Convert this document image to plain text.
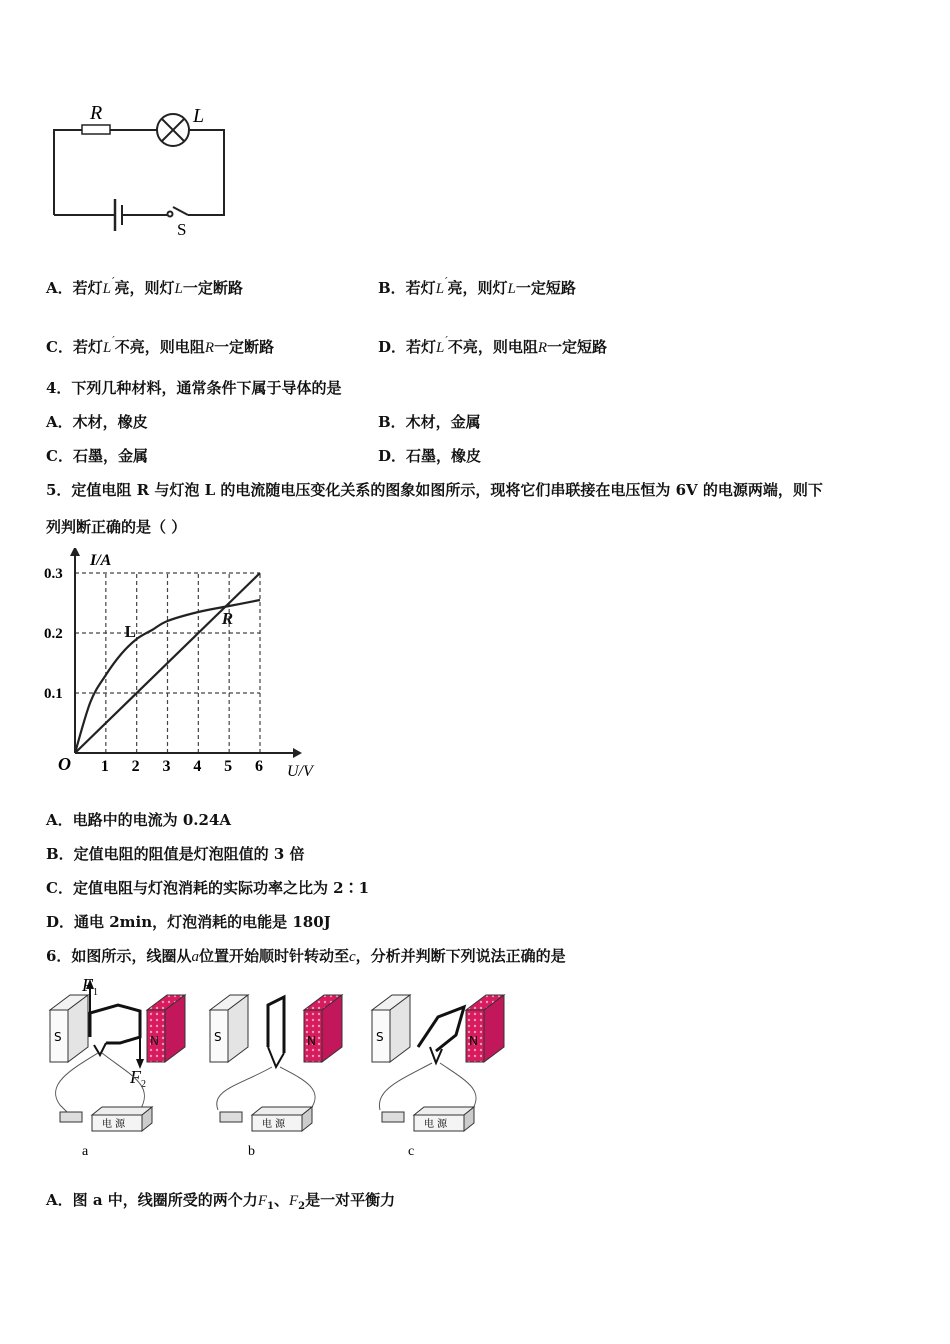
R	L
S
A．若灯L′亮，则灯L一定断路	B．若灯L′亮，则灯L一定短路
C．若灯L′不亮，则电阻R一定断路	D．若灯L′不亮，则电阻R一定短路
4．下列几种材料，通常条件下属于导体的是
A．木材，橡皮	B．木材，金属
C．石墨，金属	D．石墨，橡皮
5．定值电阻 R 与灯泡 L 的电流随电压变化关系的图象如图所示，现将它们串联接在电压恒为 6V 的电源两端，则下
列判断正确的是（ ）
1 2 3 4 5 6
0.1
0.2
0.3
I/A
U/V
O
L
R
A．电路中的电流为 0.24A
B．定值电阻的阻值是灯泡阻值的 3 倍
C．定值电阻与灯泡消耗的实际功率之比为 2∶1
D．通电 2min，灯泡消耗的电能是 180J
6．如图所示，线圈从a位置开始顺时针转动至c，分析并判断下列说法正确的是
S	N
F 1
F 2
电 源
a
S	N
电 源
b
S	N
电 源
c
A．图 a 中，线圈所受的两个力$F_1$、$F_2$是一对平衡力
